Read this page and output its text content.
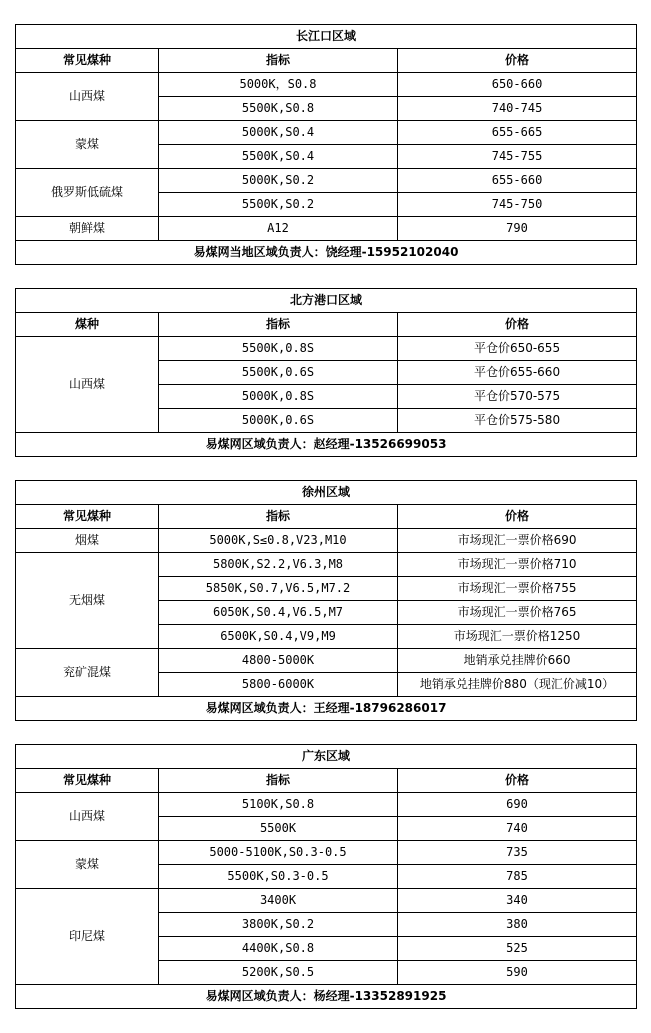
长江口区域		
常见煤种	指标	价格
山西煤	5000K，S0.8	650-660
	5500K,S0.8	740-745
蒙煤	5000K,S0.4	655-665
	5500K,S0.4	745-755
俄罗斯低硫煤	5000K,S0.2	655-660
	5500K,S0.2	745-750
朝鲜煤	A12	790
易煤网当地区域负责人：饶经理-15952102040		
北方港口区域		
煤种	指标	价格
山西煤	5500K,0.8S	平仓价650-655
	5500K,0.6S	平仓价655-660
	5000K,0.8S	平仓价570-575
	5000K,0.6S	平仓价575-580
易煤网区域负责人：赵经理-13526699053		
徐州区域		
常见煤种	指标	价格
烟煤	5000K,S≤0.8,V23,M10	市场现汇一票价格690
无烟煤	5800K,S2.2,V6.3,M8	市场现汇一票价格710
	5850K,S0.7,V6.5,M7.2	市场现汇一票价格755
	6050K,S0.4,V6.5,M7	市场现汇一票价格765
	6500K,S0.4,V9,M9	市场现汇一票价格1250
兖矿混煤	4800-5000K	地销承兑挂牌价660
	5800-6000K	地销承兑挂牌价880（现汇价减10）
易煤网区域负责人：王经理-18796286017		
广东区域		
常见煤种	指标	价格
山西煤	5100K,S0.8	690
	5500K	740
蒙煤	5000-5100K,S0.3-0.5	735
	5500K,S0.3-0.5	785
印尼煤	3400K	340
	3800K,S0.2	380
	4400K,S0.8	525
	5200K,S0.5	590
易煤网区域负责人：杨经理-13352891925		
